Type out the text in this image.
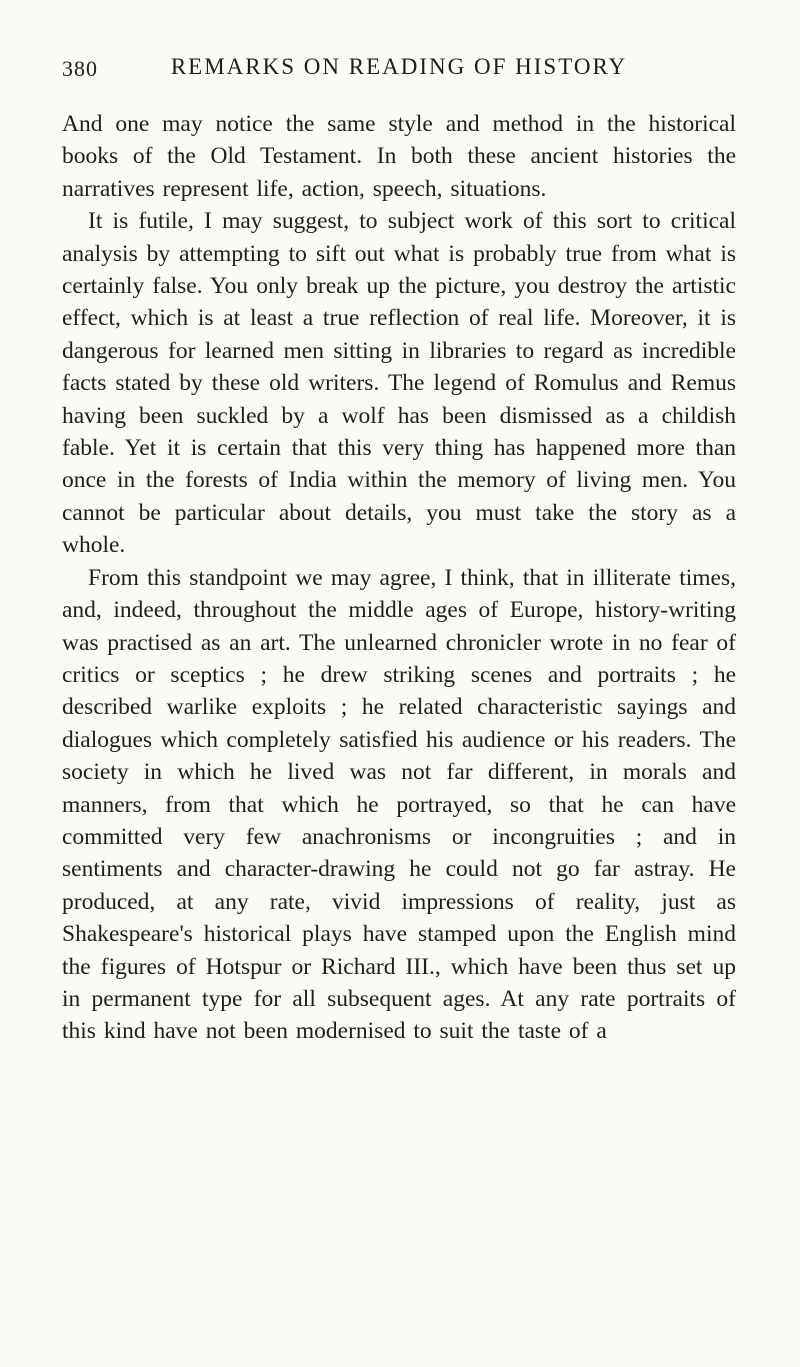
380	REMARKS ON READING OF HISTORY

And one may notice the same style and method in the historical books of the Old Testament. In both these ancient histories the narratives represent life, action, speech, situations.

It is futile, I may suggest, to subject work of this sort to critical analysis by attempting to sift out what is probably true from what is certainly false. You only break up the picture, you destroy the artistic effect, which is at least a true reflection of real life. Moreover, it is dangerous for learned men sitting in libraries to regard as incredible facts stated by these old writers. The legend of Romulus and Remus having been suckled by a wolf has been dismissed as a childish fable. Yet it is certain that this very thing has happened more than once in the forests of India within the memory of living men. You cannot be particular about details, you must take the story as a whole.

From this standpoint we may agree, I think, that in illiterate times, and, indeed, throughout the middle ages of Europe, history-writing was practised as an art. The unlearned chronicler wrote in no fear of critics or sceptics ; he drew striking scenes and portraits ; he described warlike exploits ; he related characteristic sayings and dialogues which completely satisfied his audience or his readers. The society in which he lived was not far different, in morals and manners, from that which he portrayed, so that he can have committed very few anachronisms or incongruities ; and in sentiments and character-drawing he could not go far astray. He produced, at any rate, vivid impressions of reality, just as Shakespeare's historical plays have stamped upon the English mind the figures of Hotspur or Richard III., which have been thus set up in permanent type for all subsequent ages. At any rate portraits of this kind have not been modernised to suit the taste of a
